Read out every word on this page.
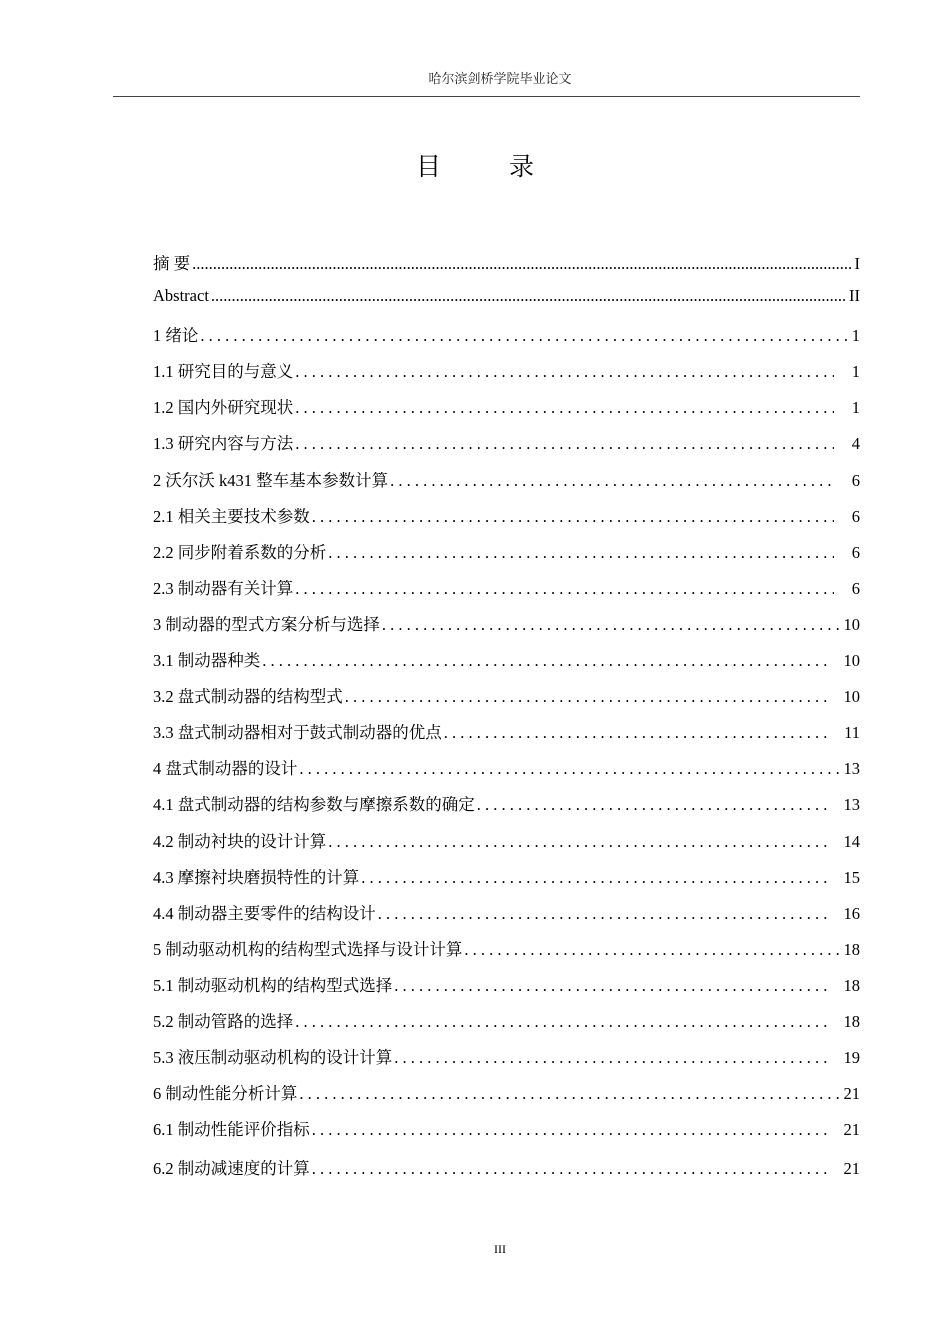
哈尔滨剑桥学院毕业论文
目 录
摘 要 .....	I
Abstract .....	II
1 绪论 . . .	1
1.1 研究目的与意义 . . .	1
1.2 国内外研究现状 . . .	1
1.3 研究内容与方法 . . .	4
2 沃尔沃 k431 整车基本参数计算 . . .	6
2.1 相关主要技术参数 . . .	6
2.2 同步附着系数的分析 . . .	6
2.3 制动器有关计算 . . .	6
3 制动器的型式方案分析与选择 . . .	10
3.1 制动器种类 . . .	10
3.2 盘式制动器的结构型式 . . .	10
3.3 盘式制动器相对于鼓式制动器的优点 . . .	11
4 盘式制动器的设计 . . .	13
4.1 盘式制动器的结构参数与摩擦系数的确定 . . .	13
4.2 制动衬块的设计计算 . . .	14
4.3 摩擦衬块磨损特性的计算 . . .	15
4.4 制动器主要零件的结构设计 . . .	16
5 制动驱动机构的结构型式选择与设计计算 . . .	18
5.1 制动驱动机构的结构型式选择 . . .	18
5.2 制动管路的选择 . . .	18
5.3 液压制动驱动机构的设计计算 . . .	19
6 制动性能分析计算 . . .	21
6.1 制动性能评价指标 . . .	21
6.2 制动减速度的计算 . . .	21
III
